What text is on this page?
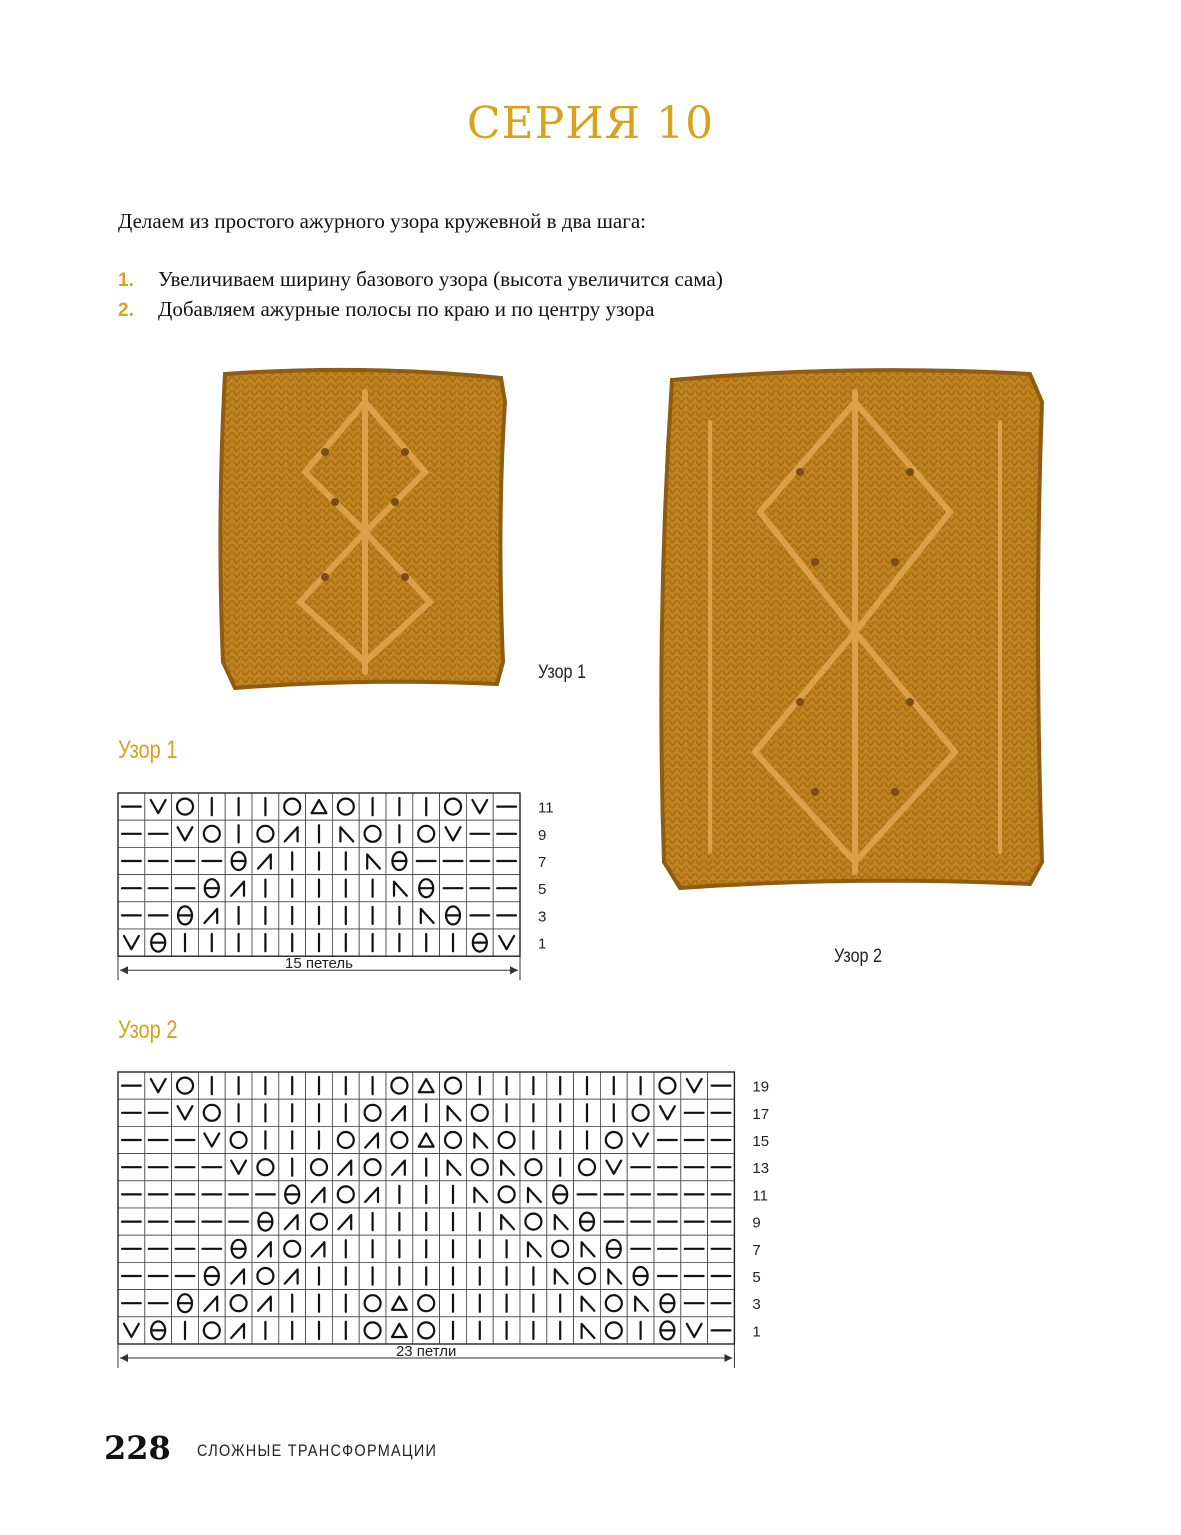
СЕРИЯ 10
Делаем из простого ажурного узора кружевной в два шага:
1. Увеличиваем ширину базового узора (высота увеличится сама)
2. Добавляем ажурные полосы по краю и по центру узора
Узор 1
Узор 2
Узор 1
11
9
7
5
3
1
15 петель
Узор 2
19
17
15
13
11
9
7
5
3
1
23 петли
228 СЛОЖНЫЕ ТРАНСФОРМАЦИИ
